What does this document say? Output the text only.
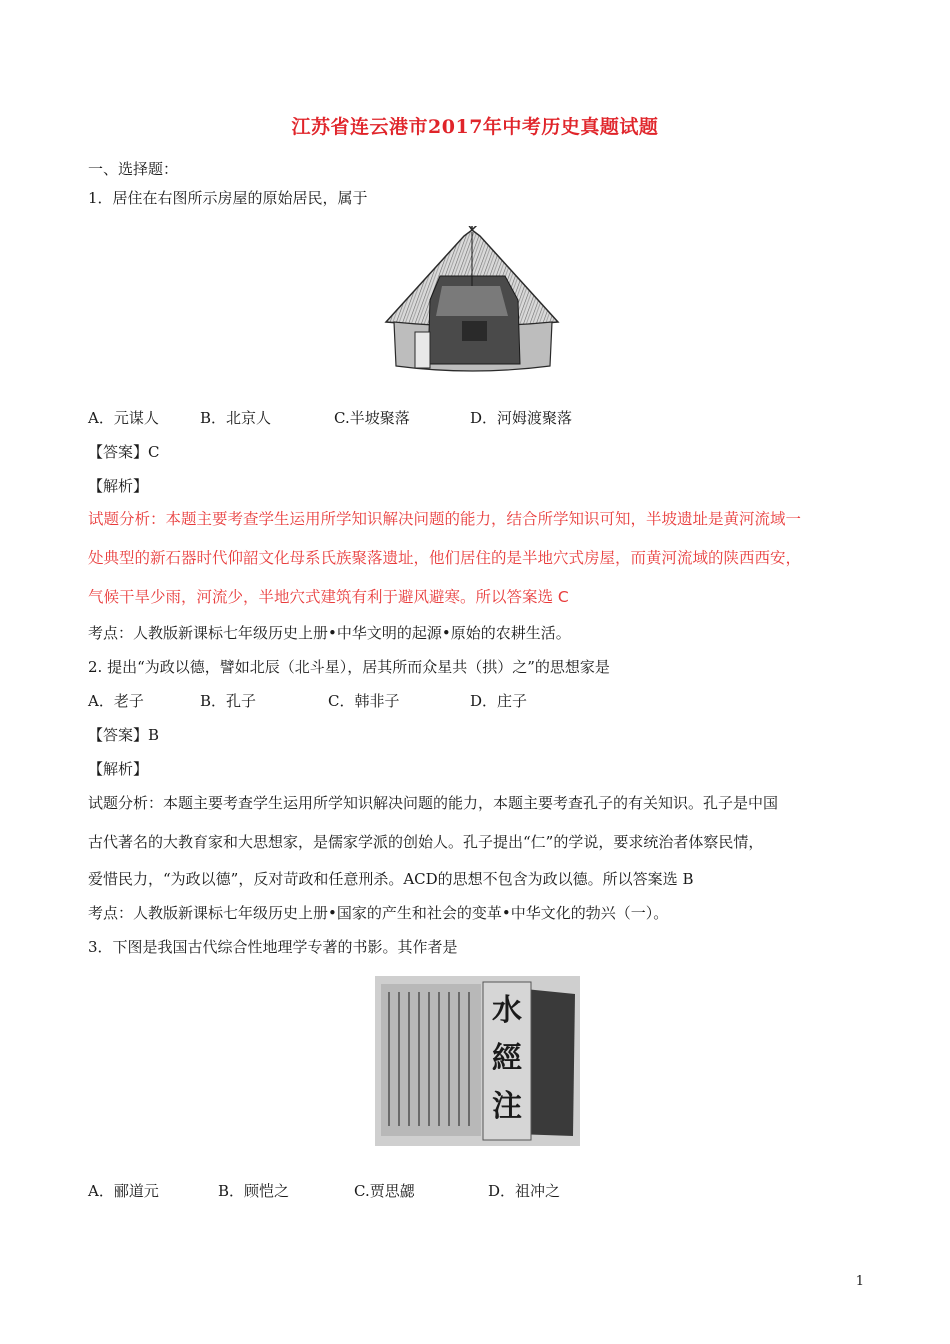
江苏省连云港市2017年中考历史真题试题
一、选择题：
1．居住在右图所示房屋的原始居民，属于
A．元谋人	B．北京人	C.半坡聚落	D．河姆渡聚落
【答案】C
【解析】
试题分析：本题主要考查学生运用所学知识解决问题的能力，结合所学知识可知，半坡遗址是黄河流域一
处典型的新石器时代仰韶文化母系氏族聚落遗址，他们居住的是半地穴式房屋，而黄河流域的陕西西安，
气候干旱少雨，河流少，半地穴式建筑有利于避风避寒。所以答案选 C
考点：人教版新课标七年级历史上册•中华文明的起源•原始的农耕生活。
2. 提出“为政以德，譬如北辰（北斗星），居其所而众星共（拱）之”的思想家是
A．老子	B．孔子	C．韩非子	D．庄子
【答案】B
【解析】
试题分析：本题主要考查学生运用所学知识解决问题的能力，本题主要考查孔子的有关知识。孔子是中国
古代著名的大教育家和大思想家，是儒家学派的创始人。孔子提出“仁”的学说，要求统治者体察民情，
爱惜民力，“为政以德”，反对苛政和任意刑杀。ACD的思想不包含为政以德。所以答案选 B
考点：人教版新课标七年级历史上册•国家的产生和社会的变革•中华文化的勃兴（一）。
3．下图是我国古代综合性地理学专著的书影。其作者是
水
經
注
A．郦道元	B．顾恺之	C.贾思勰	D．祖冲之
1
